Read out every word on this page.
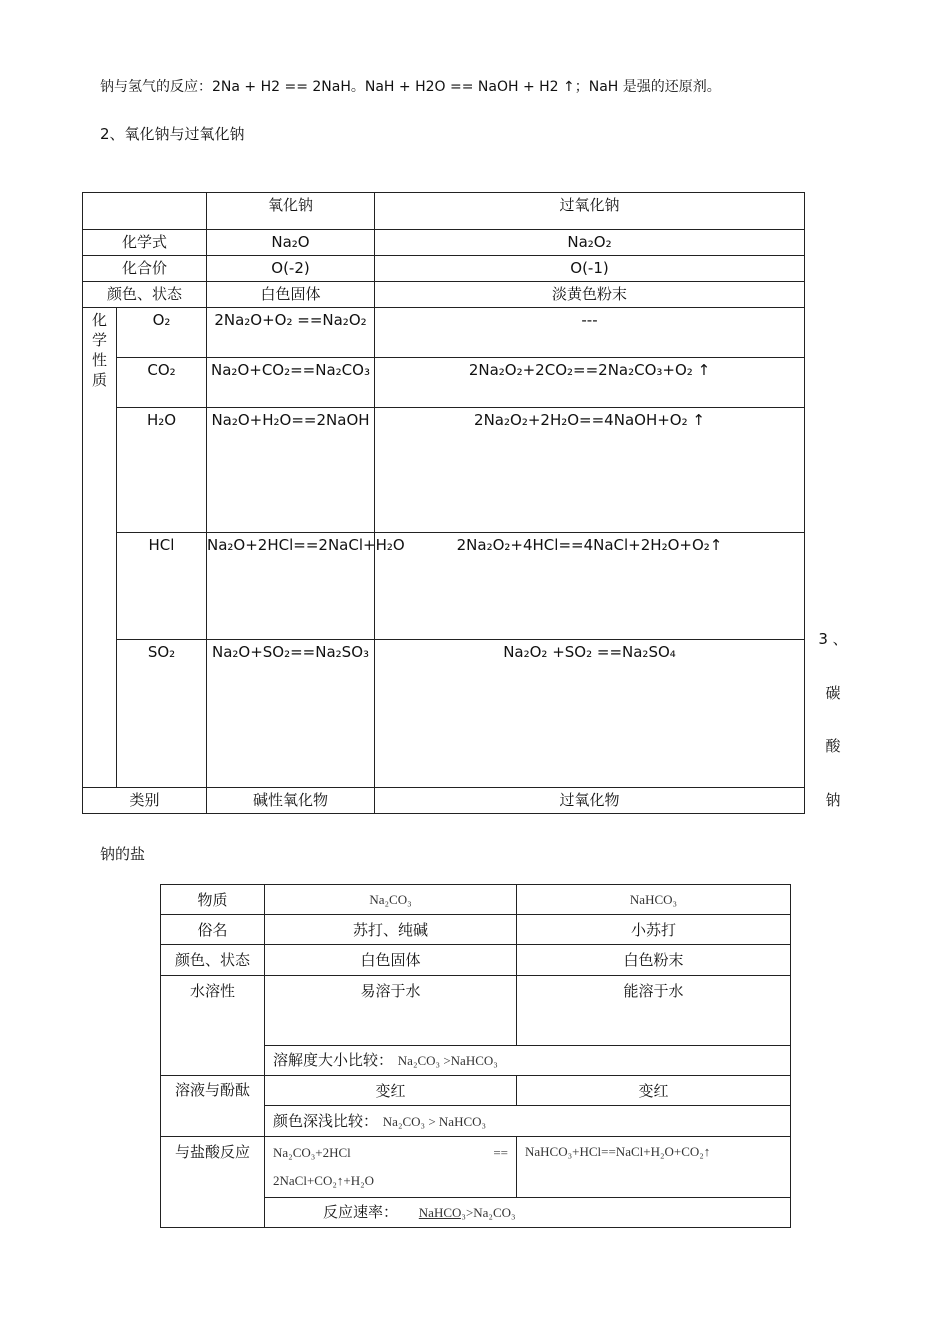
钠与氢气的反应：2Na + H2 == 2NaH。NaH + H2O == NaOH + H2 ↑；NaH 是强的还原剂。
2、氧化钠与过氧化钠
		氧化钠	过氧化钠
化学式		Na₂O	Na₂O₂
化合价		O(-2)	O(-1)
颜色、状态		白色固体	淡黄色粉末

化
学
性
质	O₂	2Na₂O+O₂ ==Na₂O₂	---
	CO₂	Na₂O+CO₂==Na₂CO₃	2Na₂O₂+2CO₂==2Na₂CO₃+O₂ ↑
	H₂O	Na₂O+H₂O==2NaOH	2Na₂O₂+2H₂O==4NaOH+O₂ ↑
	HCl	Na₂O+2HCl==2NaCl+H₂O	2Na₂O₂+4HCl==4NaCl+2H₂O+O₂↑
	SO₂	Na₂O+SO₂==Na₂SO₃	Na₂O₂ +SO₂ ==Na₂SO₄
类别		碱性氧化物	过氧化物
3 、
碳
酸
钠
钠的盐
物质	Na₂CO₃	NaHCO₃
俗名	苏打、纯碱	小苏打
颜色、状态	白色固体	白色粉末
水溶性	易溶于水	能溶于水
	溶解度大小比较： Na₂CO₃ >NaHCO₃	
溶液与酚酞	变红	变红
	颜色深浅比较： Na₂CO₃ > NaHCO₃	
与盐酸反应	Na₂CO₃+2HCl ==
2NaCl+CO₂↑+H₂O	NaHCO₃+HCl==NaCl+H₂O+CO₂↑
	反应速率： NaHCO₃>Na₂CO₃	
